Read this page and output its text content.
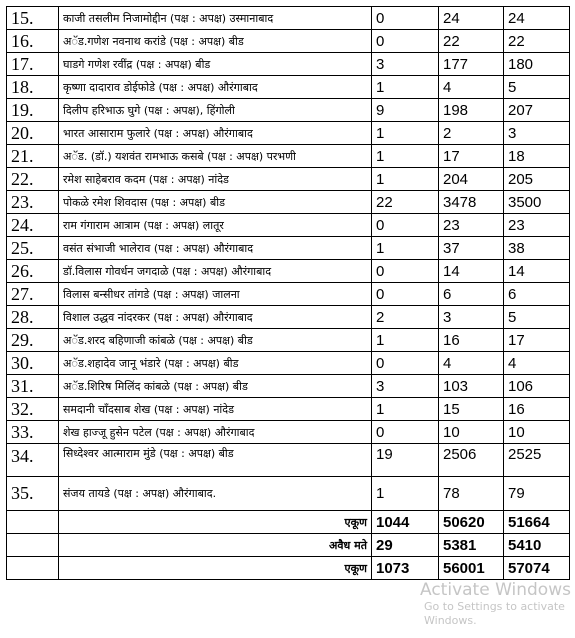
15.	काजी तसलीम निजामोद्दीन (पक्ष : अपक्ष) उस्मानाबाद	0	24	24
16.	अॅड.गणेश नवनाथ करांडे (पक्ष : अपक्ष) बीड	0	22	22
17.	घाडगे गणेश रवींद्र (पक्ष : अपक्ष) बीड	3	177	180
18.	कृष्णा दादाराव डोईफोडे (पक्ष : अपक्ष) औरंगाबाद	1	4	5
19.	दिलीप हरिभाऊ घुगे (पक्ष : अपक्ष), हिंगोली	9	198	207
20.	भारत आसाराम फुलारे (पक्ष : अपक्ष) औरंगाबाद	1	2	3
21.	अॅड. (डॉ.) यशवंत रामभाऊ कसबे (पक्ष : अपक्ष) परभणी	1	17	18
22.	रमेश साहेबराव कदम (पक्ष : अपक्ष) नांदेड	1	204	205
23.	पोकळे रमेश शिवदास (पक्ष : अपक्ष) बीड	22	3478	3500
24.	राम गंगाराम आत्राम (पक्ष : अपक्ष) लातूर	0	23	23
25.	वसंत संभाजी भालेराव (पक्ष : अपक्ष) औरंगाबाद	1	37	38
26.	डॉ.विलास गोवर्धन जगदाळे (पक्ष : अपक्ष) औरंगाबाद	0	14	14
27.	विलास बन्सीधर तांगडे (पक्ष : अपक्ष) जालना	0	6	6
28.	विशाल उद्धव नांदरकर (पक्ष : अपक्ष) औरंगाबाद	2	3	5
29.	अॅड.शरद बहिणाजी कांबळे (पक्ष : अपक्ष) बीड	1	16	17
30.	अॅड.शहादेव जानू भंडारे (पक्ष : अपक्ष) बीड	0	4	4
31.	अॅड.शिरिष मिलिंद कांबळे (पक्ष : अपक्ष) बीड	3	103	106
32.	समदानी चाँदसाब शेख (पक्ष : अपक्ष) नांदेड	1	15	16
33.	शेख हाज्जू हुसेन पटेल (पक्ष : अपक्ष) औरंगाबाद	0	10	10
34.	सिध्देश्वर आत्माराम मुंडे (पक्ष : अपक्ष) बीड	19	2506	2525
35.	संजय तायडे (पक्ष : अपक्ष) औरंगाबाद.	1	78	79
	एकूण	1044	50620	51664
	अवैध मते	29	5381	5410
	एकूण	1073	56001	57074
Activate Windows
Go to Settings to activate Windows.
